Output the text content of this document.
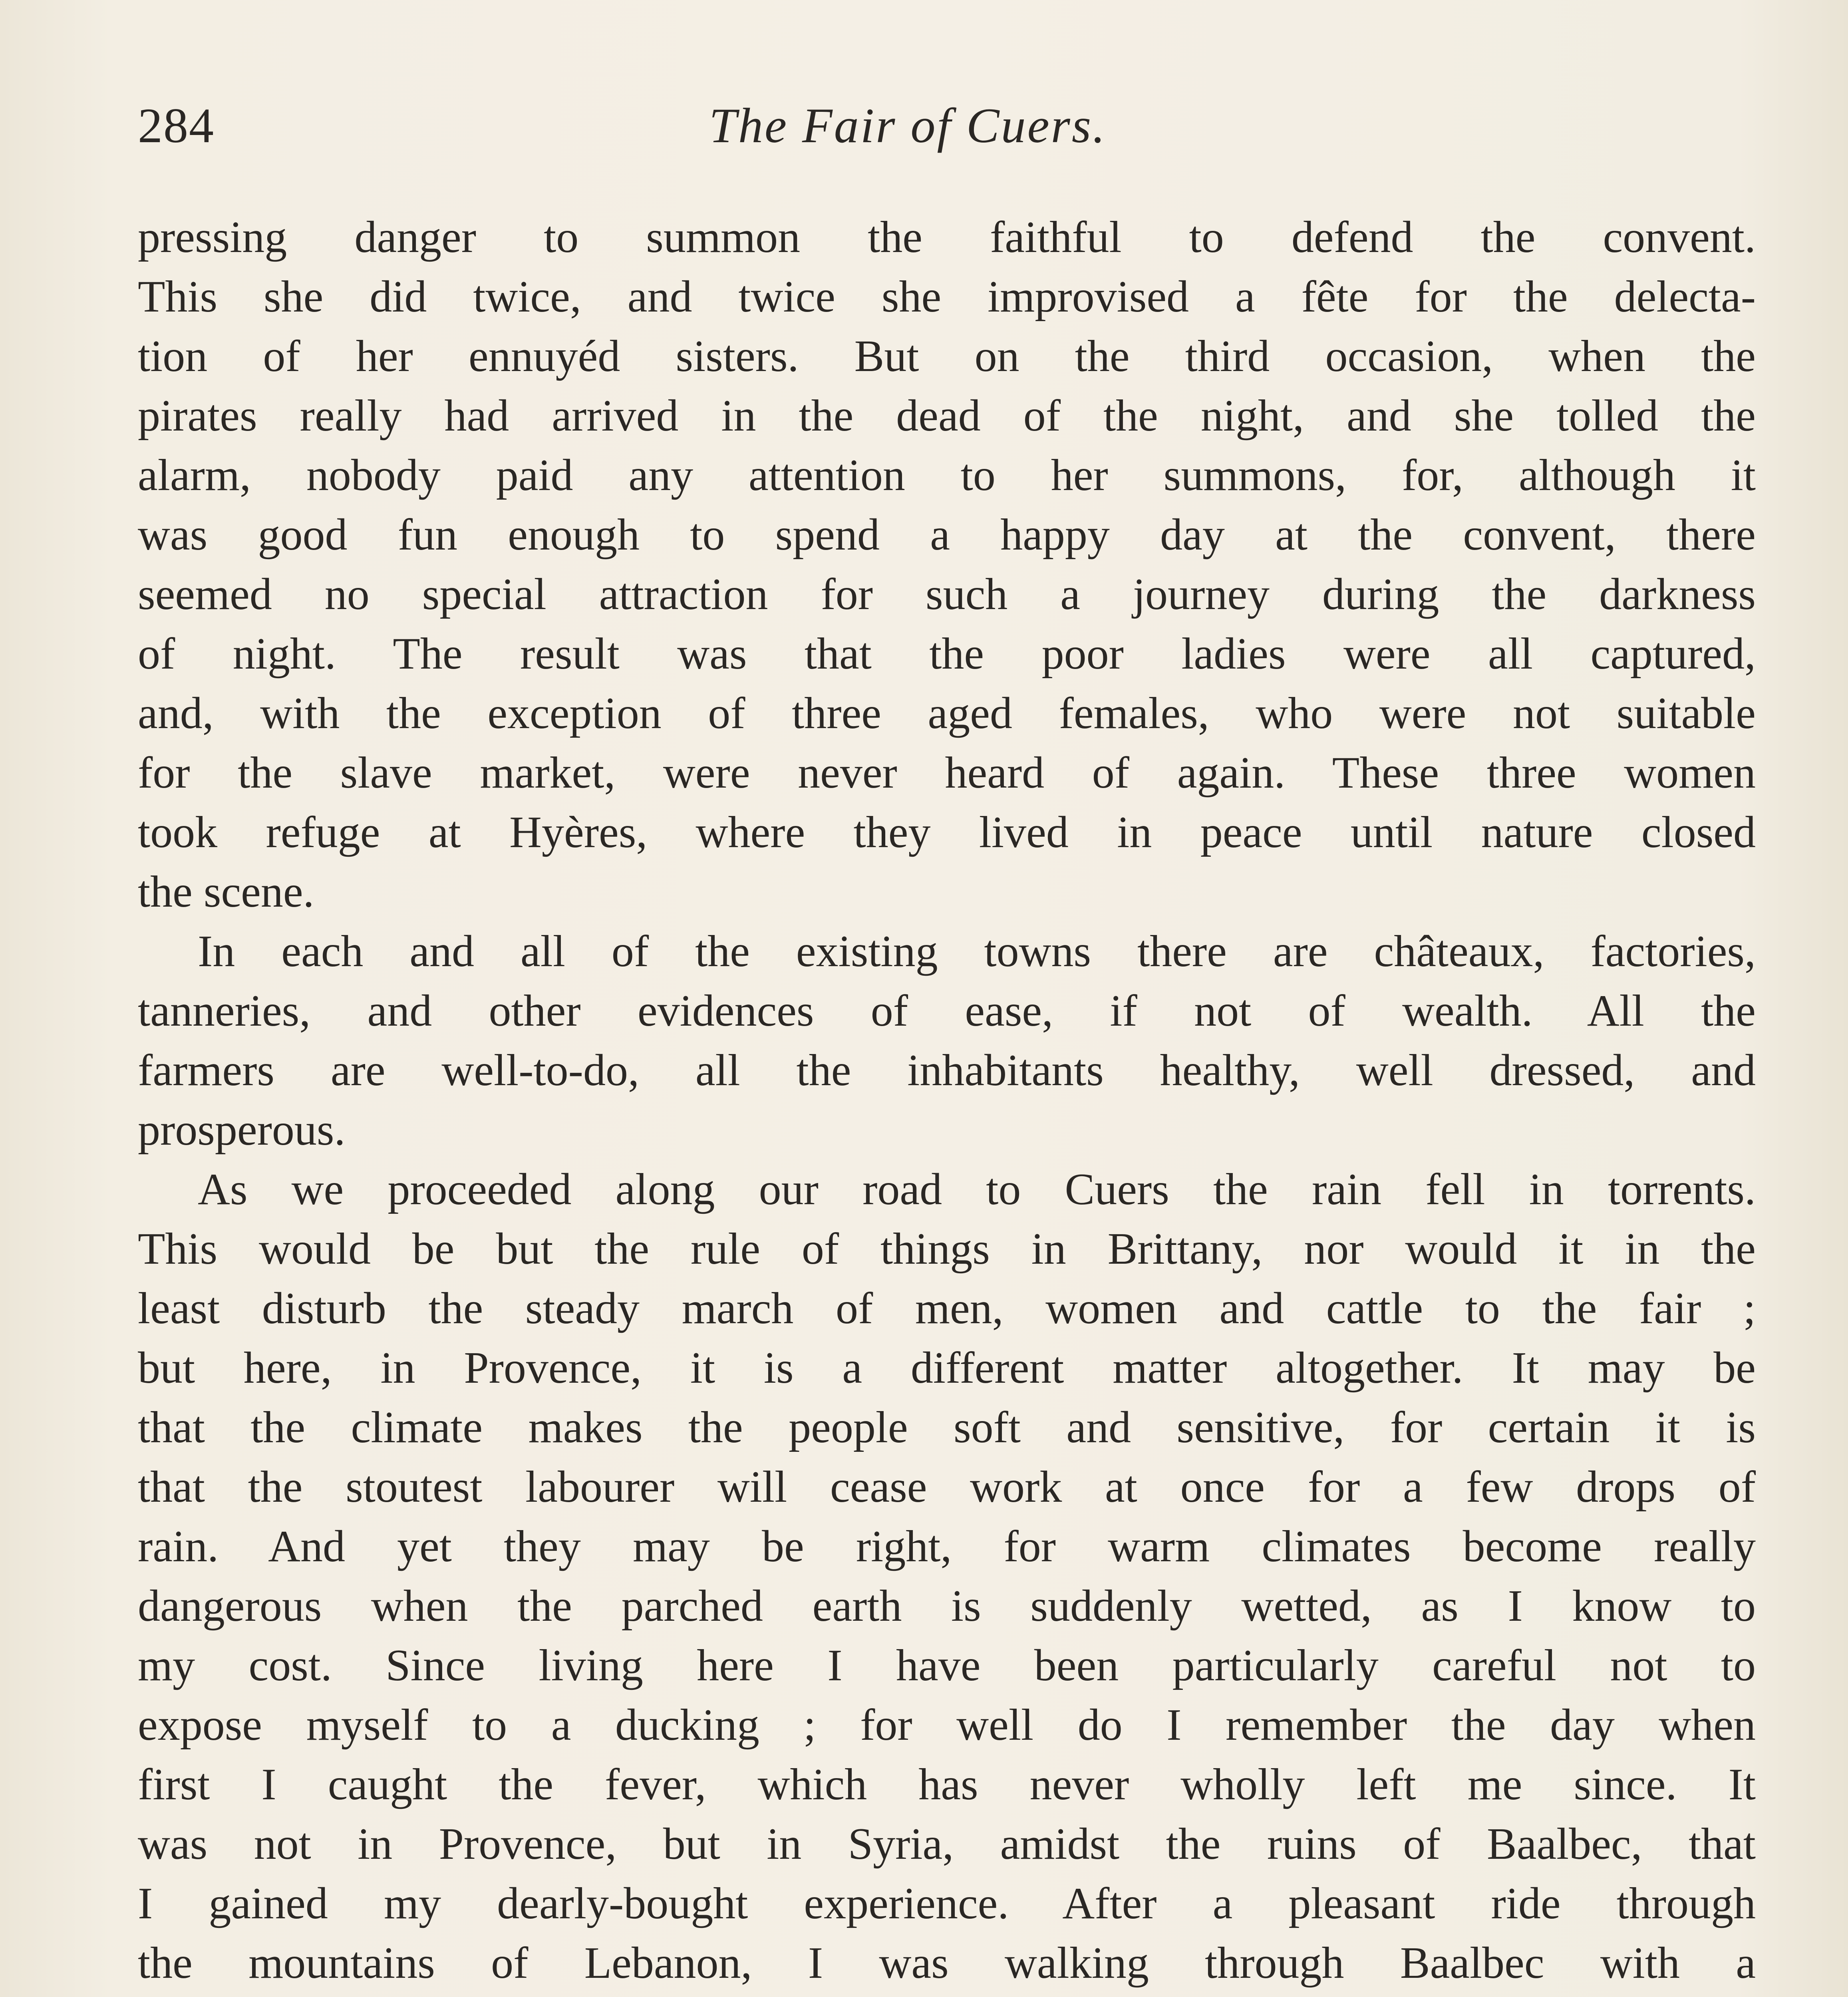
284	The Fair of Cuers.
pressing danger to summon the faithful to defend the convent.
This she did twice, and twice she improvised a fête for the delecta-
tion of her ennuyéd sisters. But on the third occasion, when the
pirates really had arrived in the dead of the night, and she tolled the
alarm, nobody paid any attention to her summons, for, although it
was good fun enough to spend a happy day at the convent, there
seemed no special attraction for such a journey during the darkness
of night. The result was that the poor ladies were all captured,
and, with the exception of three aged females, who were not suitable
for the slave market, were never heard of again. These three women
took refuge at Hyères, where they lived in peace until nature closed
the scene.
In each and all of the existing towns there are châteaux, factories,
tanneries, and other evidences of ease, if not of wealth. All the
farmers are well-to-do, all the inhabitants healthy, well dressed, and
prosperous.
As we proceeded along our road to Cuers the rain fell in torrents.
This would be but the rule of things in Brittany, nor would it in the
least disturb the steady march of men, women and cattle to the fair ;
but here, in Provence, it is a different matter altogether. It may be
that the climate makes the people soft and sensitive, for certain it is
that the stoutest labourer will cease work at once for a few drops of
rain. And yet they may be right, for warm climates become really
dangerous when the parched earth is suddenly wetted, as I know to
my cost. Since living here I have been particularly careful not to
expose myself to a ducking ; for well do I remember the day when
first I caught the fever, which has never wholly left me since. It
was not in Provence, but in Syria, amidst the ruins of Baalbec, that
I gained my dearly-bought experience. After a pleasant ride through
the mountains of Lebanon, I was walking through Baalbec with a
